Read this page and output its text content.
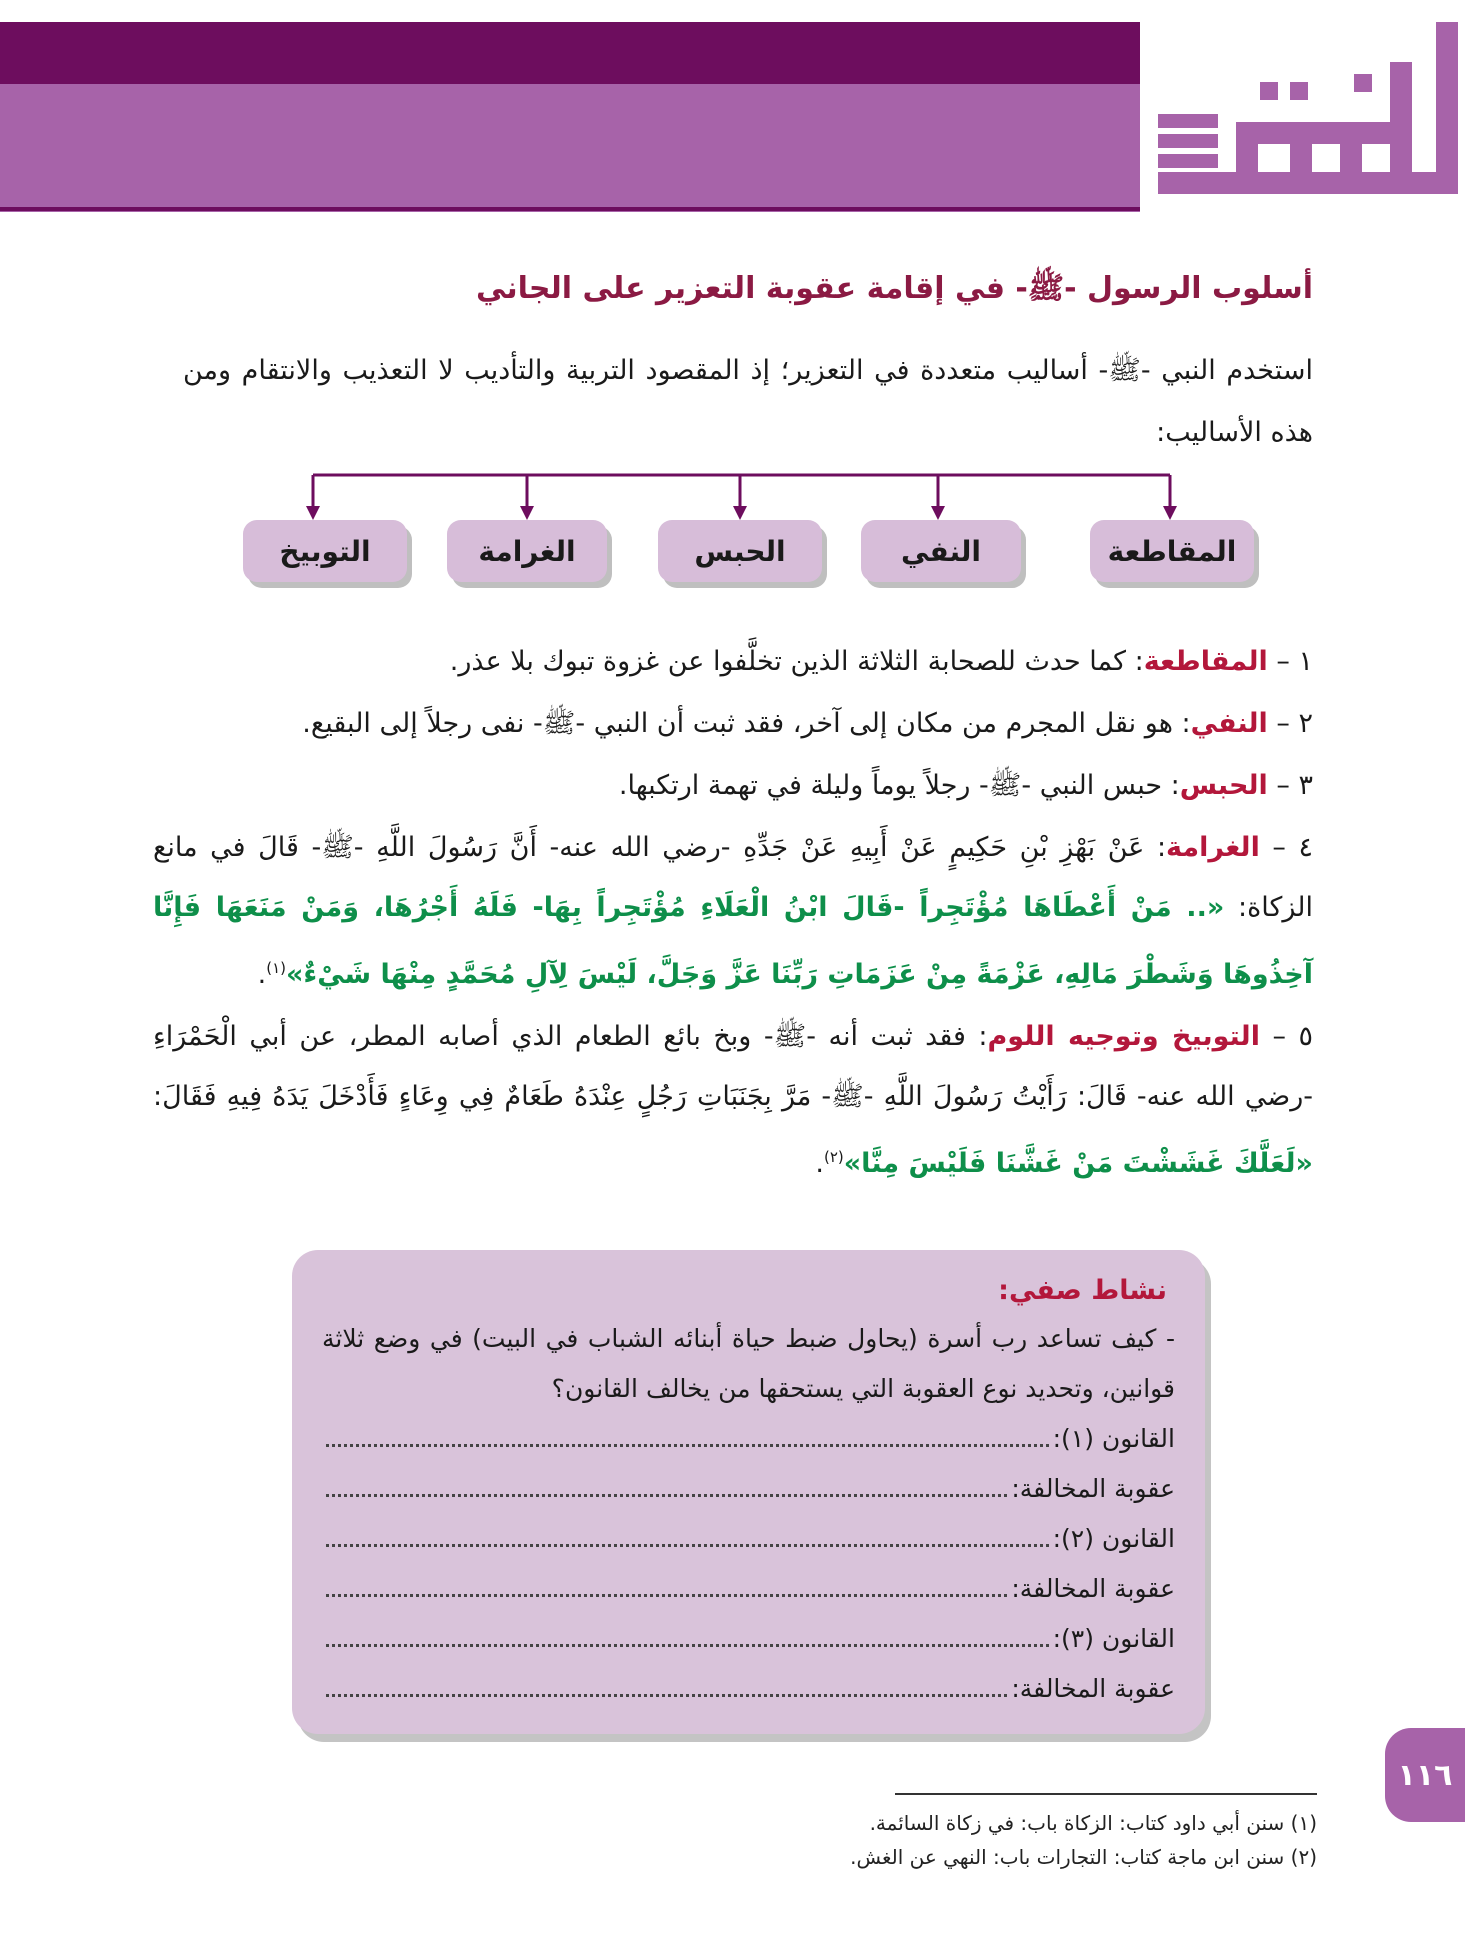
أسلوب الرسول -ﷺ- في إقامة عقوبة التعزير على الجاني
استخدم النبي -ﷺ- أساليب متعددة في التعزير؛ إذ المقصود التربية والتأديب لا التعذيب والانتقام ومن هذه الأساليب:
المقاطعة
النفي
الحبس
الغرامة
التوبيخ
١ – المقاطعة: كما حدث للصحابة الثلاثة الذين تخلَّفوا عن غزوة تبوك بلا عذر.
٢ – النفي: هو نقل المجرم من مكان إلى آخر، فقد ثبت أن النبي -ﷺ- نفى رجلاً إلى البقيع.
٣ – الحبس: حبس النبي -ﷺ- رجلاً يوماً وليلة في تهمة ارتكبها.
٤ – الغرامة: عَنْ بَهْزِ بْنِ حَكِيمٍ عَنْ أَبِيهِ عَنْ جَدِّهِ -رضي الله عنه- أَنَّ رَسُولَ اللَّهِ -ﷺ- قَالَ في مانع الزكاة: «.. مَنْ أَعْطَاهَا مُؤْتَجِراً -قَالَ ابْنُ الْعَلَاءِ مُؤْتَجِراً بِهَا- فَلَهُ أَجْرُهَا، وَمَنْ مَنَعَهَا فَإِنَّا آخِذُوهَا وَشَطْرَ مَالِهِ، عَزْمَةً مِنْ عَزَمَاتِ رَبِّنَا عَزَّ وَجَلَّ، لَيْسَ لِآلِ مُحَمَّدٍ مِنْهَا شَيْءٌ»$^{(١)}$.
٥ – التوبيخ وتوجيه اللوم: فقد ثبت أنه -ﷺ- وبخ بائع الطعام الذي أصابه المطر، عن أبي الْحَمْرَاءِ -رضي الله عنه- قَالَ: رَأَيْتُ رَسُولَ اللَّهِ -ﷺ- مَرَّ بِجَنَبَاتِ رَجُلٍ عِنْدَهُ طَعَامٌ فِي وِعَاءٍ فَأَدْخَلَ يَدَهُ فِيهِ فَقَالَ: «لَعَلَّكَ غَشَشْتَ مَنْ غَشَّنَا فَلَيْسَ مِنَّا»$^{(٢)}$.
نشاط صفي:
- كيف تساعد رب أسرة (يحاول ضبط حياة أبنائه الشباب في البيت) في وضع ثلاثة قوانين، وتحديد نوع العقوبة التي يستحقها من يخالف القانون؟
القانون (١):
عقوبة المخالفة:
القانون (٢):
عقوبة المخالفة:
القانون (٣):
عقوبة المخالفة:
١١٦
(١) سنن أبي داود كتاب: الزكاة باب: في زكاة السائمة.
(٢) سنن ابن ماجة كتاب: التجارات باب: النهي عن الغش.
